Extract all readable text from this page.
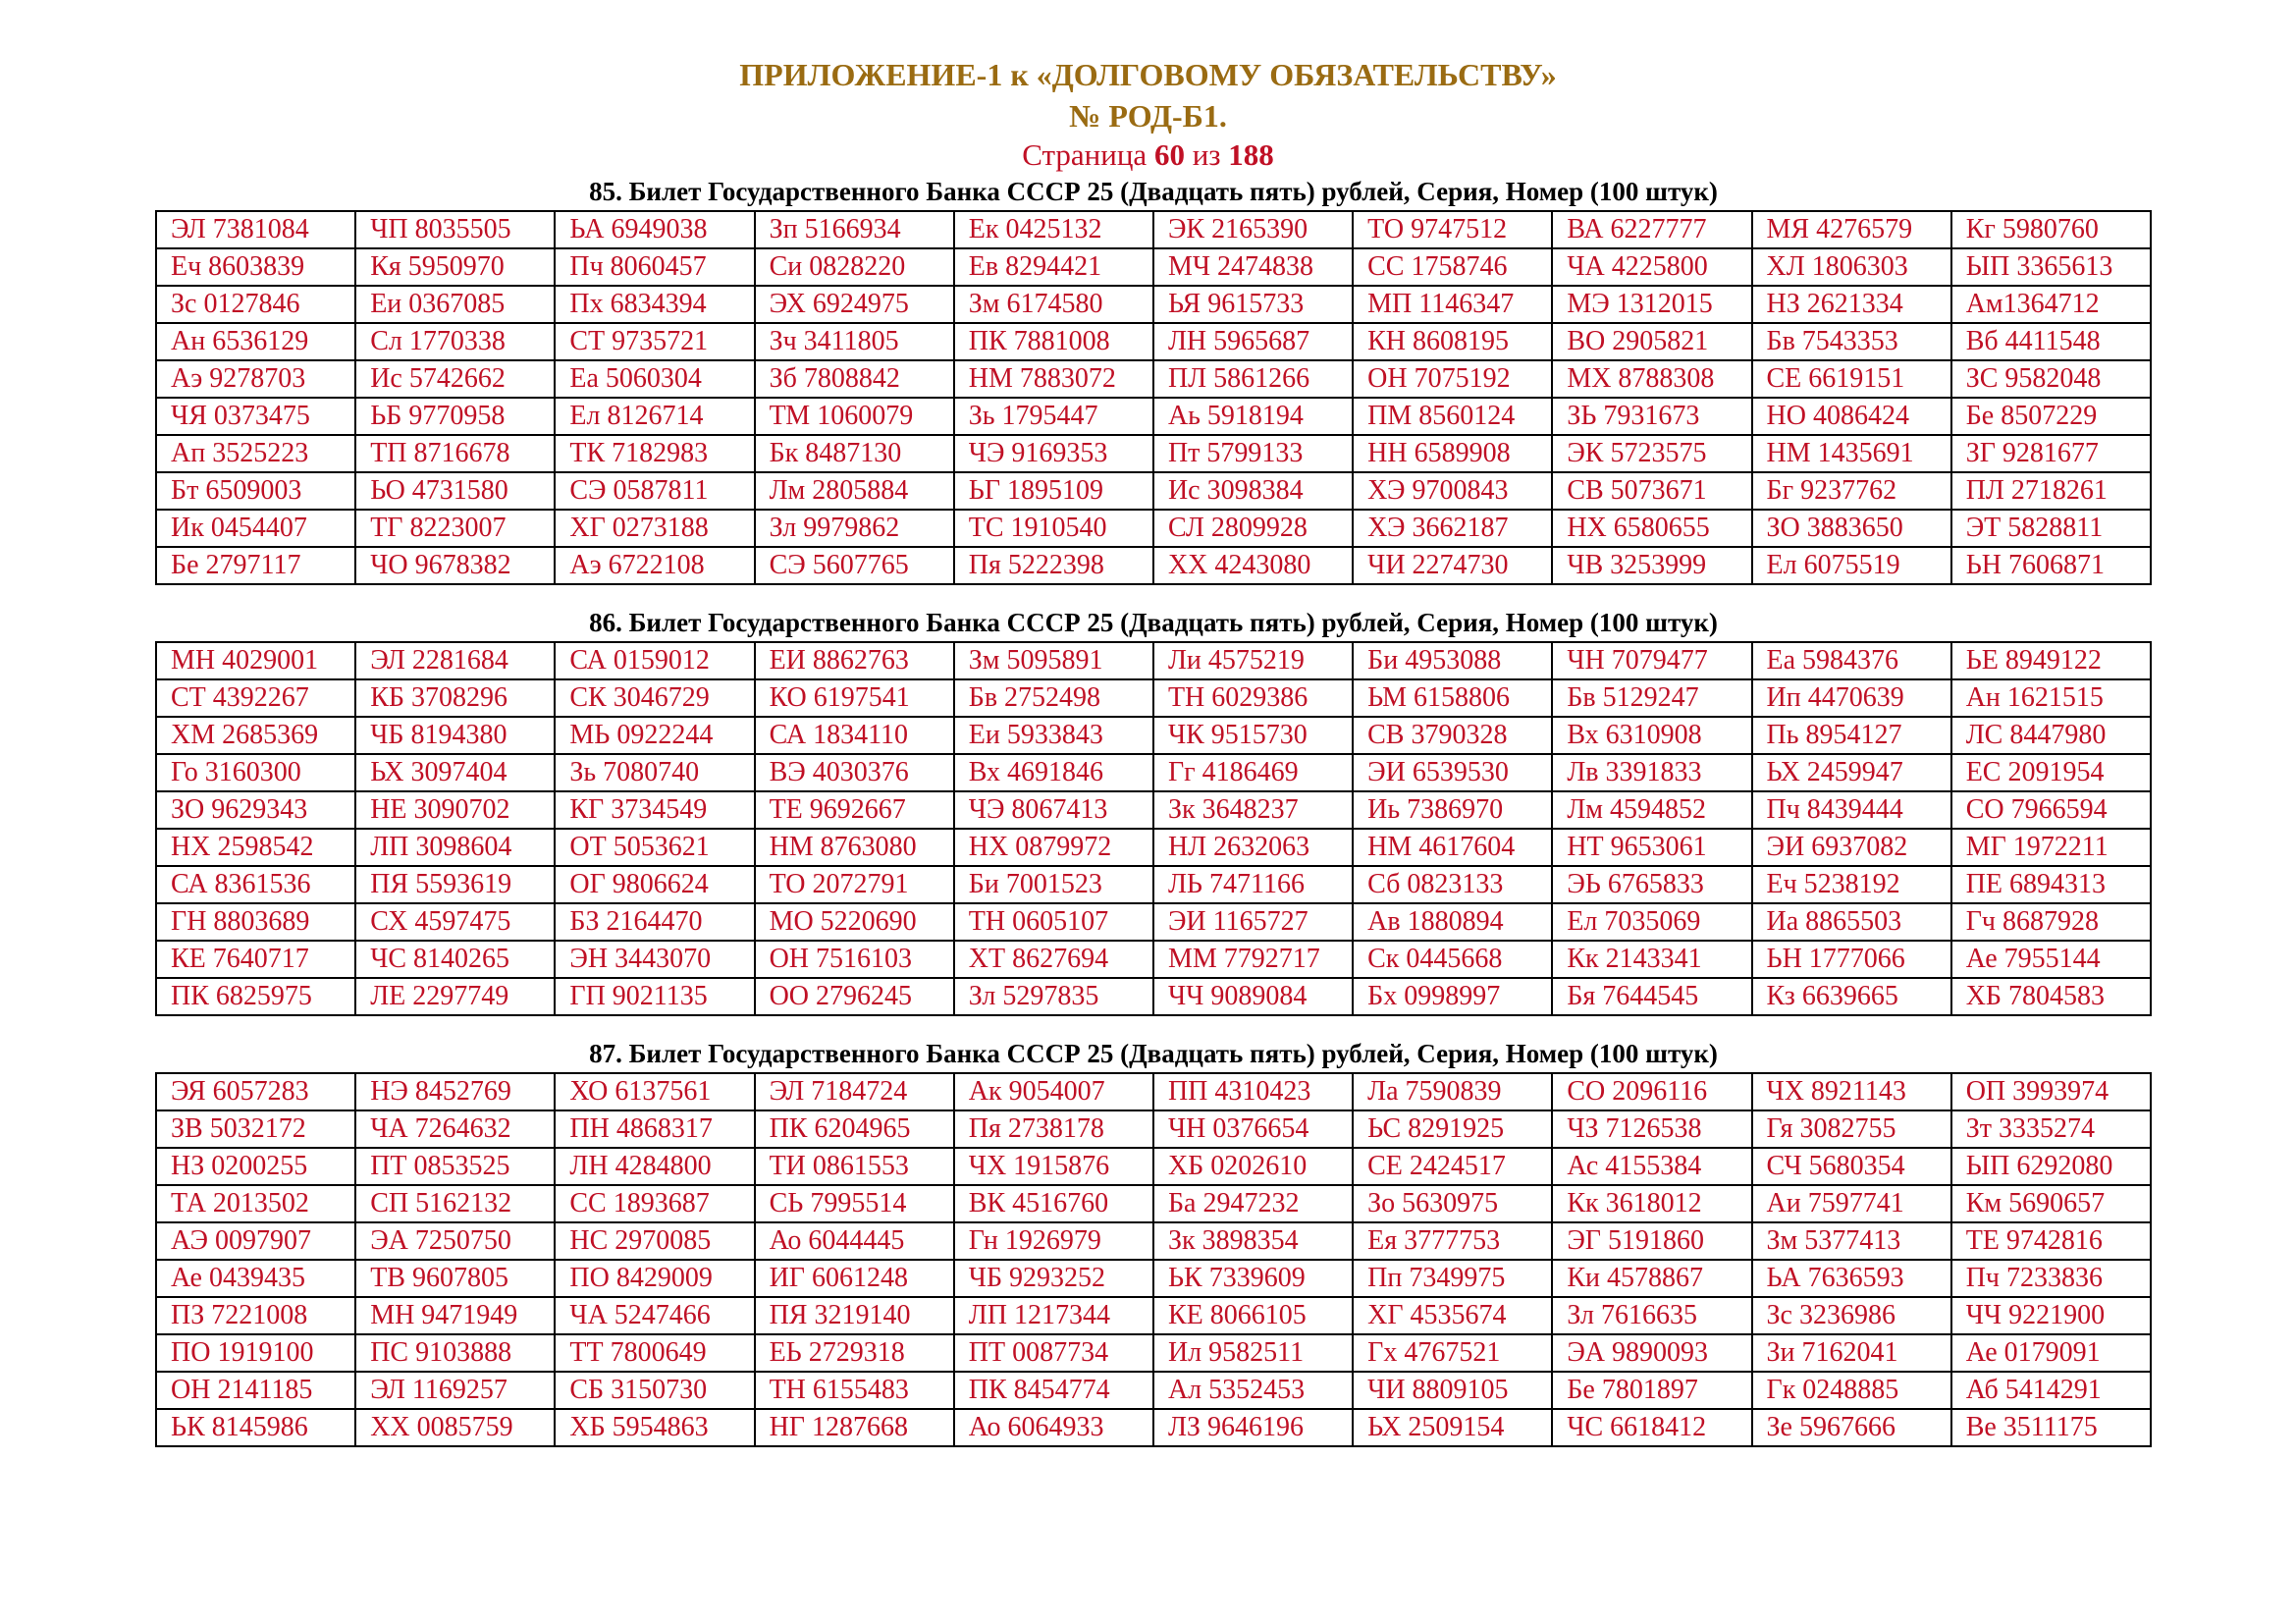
ПРИЛОЖЕНИЕ-1 к «ДОЛГОВОМУ ОБЯЗАТЕЛЬСТВУ»
№ РОД-Б1.
Страница 60 из 188
85. Билет Государственного Банка СССР 25 (Двадцать пять) рублей, Серия, Номер (100 штук)
ЭЛ 7381084	ЧП 8035505	ЬА 6949038	Зп 5166934	Ек 0425132	ЭК 2165390	ТО 9747512	ВА 6227777	МЯ 4276579	Кг 5980760
Еч 8603839	Кя 5950970	Пч 8060457	Си 0828220	Ев 8294421	МЧ 2474838	СС 1758746	ЧА 4225800	ХЛ 1806303	ЫП 3365613
Зс 0127846	Еи 0367085	Пх 6834394	ЭХ 6924975	Зм 6174580	ЬЯ 9615733	МП 1146347	МЭ 1312015	НЗ 2621334	Ам1364712
Ан 6536129	Сл 1770338	СТ 9735721	Зч 3411805	ПК 7881008	ЛН 5965687	КН 8608195	ВО 2905821	Бв 7543353	Вб 4411548
Аэ 9278703	Ис 5742662	Еа 5060304	Зб 7808842	НМ 7883072	ПЛ 5861266	ОН 7075192	МХ 8788308	СЕ 6619151	ЗС 9582048
ЧЯ 0373475	ЬБ 9770958	Ел 8126714	ТМ 1060079	Зь 1795447	Аь 5918194	ПМ 8560124	ЗЬ 7931673	НО 4086424	Бе 8507229
Ап 3525223	ТП 8716678	ТК 7182983	Бк 8487130	ЧЭ 9169353	Пт 5799133	НН 6589908	ЭК 5723575	НМ 1435691	ЗГ 9281677
Бт 6509003	ЬО 4731580	СЭ 0587811	Лм 2805884	ЬГ 1895109	Ис 3098384	ХЭ 9700843	СВ 5073671	Бг 9237762	ПЛ 2718261
Ик 0454407	ТГ 8223007	ХГ 0273188	Зл 9979862	ТС 1910540	СЛ 2809928	ХЭ 3662187	НХ 6580655	ЗО 3883650	ЭТ 5828811
Бе 2797117	ЧО 9678382	Аэ 6722108	СЭ 5607765	Пя 5222398	ХХ 4243080	ЧИ 2274730	ЧВ 3253999	Ел 6075519	ЬН 7606871
86. Билет Государственного Банка СССР 25 (Двадцать пять) рублей, Серия, Номер (100 штук)
МН 4029001	ЭЛ 2281684	СА 0159012	ЕИ 8862763	Зм 5095891	Ли 4575219	Би 4953088	ЧН 7079477	Еа 5984376	ЬЕ 8949122
СТ 4392267	КБ 3708296	СК 3046729	КО 6197541	Бв 2752498	ТН 6029386	ЬМ 6158806	Бв 5129247	Ип 4470639	Ан 1621515
ХМ 2685369	ЧБ 8194380	МЬ 0922244	СА 1834110	Еи 5933843	ЧК 9515730	СВ 3790328	Вх 6310908	Пь 8954127	ЛС 8447980
Го 3160300	ЬХ 3097404	Зь 7080740	ВЭ 4030376	Вх 4691846	Гг 4186469	ЭИ 6539530	Лв 3391833	ЬХ 2459947	ЕС 2091954
ЗО 9629343	НЕ 3090702	КГ 3734549	ТЕ 9692667	ЧЭ 8067413	Зк 3648237	Иь 7386970	Лм 4594852	Пч 8439444	СО 7966594
НХ 2598542	ЛП 3098604	ОТ 5053621	НМ 8763080	НХ 0879972	НЛ 2632063	НМ 4617604	НТ 9653061	ЭИ 6937082	МГ 1972211
СА 8361536	ПЯ 5593619	ОГ 9806624	ТО 2072791	Би 7001523	ЛЬ 7471166	Сб 0823133	ЭЬ 6765833	Еч 5238192	ПЕ 6894313
ГН 8803689	СХ 4597475	БЗ 2164470	МО 5220690	ТН 0605107	ЭИ 1165727	Ав 1880894	Ел 7035069	Иа 8865503	Гч 8687928
КЕ 7640717	ЧС 8140265	ЭН 3443070	ОН 7516103	ХТ 8627694	ММ 7792717	Ск 0445668	Кк 2143341	ЬН 1777066	Ае 7955144
ПК 6825975	ЛЕ 2297749	ГП 9021135	ОО 2796245	Зл 5297835	ЧЧ 9089084	Бх 0998997	Бя 7644545	Кз 6639665	ХБ 7804583
87. Билет Государственного Банка СССР 25 (Двадцать пять) рублей, Серия, Номер (100 штук)
ЭЯ 6057283	НЭ 8452769	ХО 6137561	ЭЛ 7184724	Ак 9054007	ПП 4310423	Ла 7590839	СО 2096116	ЧХ 8921143	ОП 3993974
ЗВ 5032172	ЧА 7264632	ПН 4868317	ПК 6204965	Пя 2738178	ЧН 0376654	ЬС 8291925	ЧЗ 7126538	Гя 3082755	Зт 3335274
НЗ 0200255	ПТ 0853525	ЛН 4284800	ТИ 0861553	ЧХ 1915876	ХБ 0202610	СЕ 2424517	Ас 4155384	СЧ 5680354	ЫП 6292080
ТА 2013502	СП 5162132	СС 1893687	СЬ 7995514	ВК 4516760	Ба 2947232	Зо 5630975	Кк 3618012	Аи 7597741	Км 5690657
АЭ 0097907	ЭА 7250750	НС 2970085	Ао 6044445	Гн 1926979	Зк 3898354	Ея 3777753	ЭГ 5191860	Зм 5377413	ТЕ 9742816
Ае 0439435	ТВ 9607805	ПО 8429009	ИГ 6061248	ЧБ 9293252	ЬК 7339609	Пп 7349975	Ки 4578867	ЬА 7636593	Пч 7233836
ПЗ 7221008	МН 9471949	ЧА 5247466	ПЯ 3219140	ЛП 1217344	КЕ 8066105	ХГ 4535674	Зл 7616635	Зс 3236986	ЧЧ 9221900
ПО 1919100	ПС 9103888	ТТ 7800649	ЕЬ 2729318	ПТ 0087734	Ил 9582511	Гх 4767521	ЭА 9890093	Зи 7162041	Ае 0179091
ОН 2141185	ЭЛ 1169257	СБ 3150730	ТН 6155483	ПК 8454774	Ал 5352453	ЧИ 8809105	Бе 7801897	Гк 0248885	Аб 5414291
ЬК 8145986	ХХ 0085759	ХБ 5954863	НГ 1287668	Ао 6064933	ЛЗ 9646196	ЬХ 2509154	ЧС 6618412	Зе 5967666	Ве 3511175
